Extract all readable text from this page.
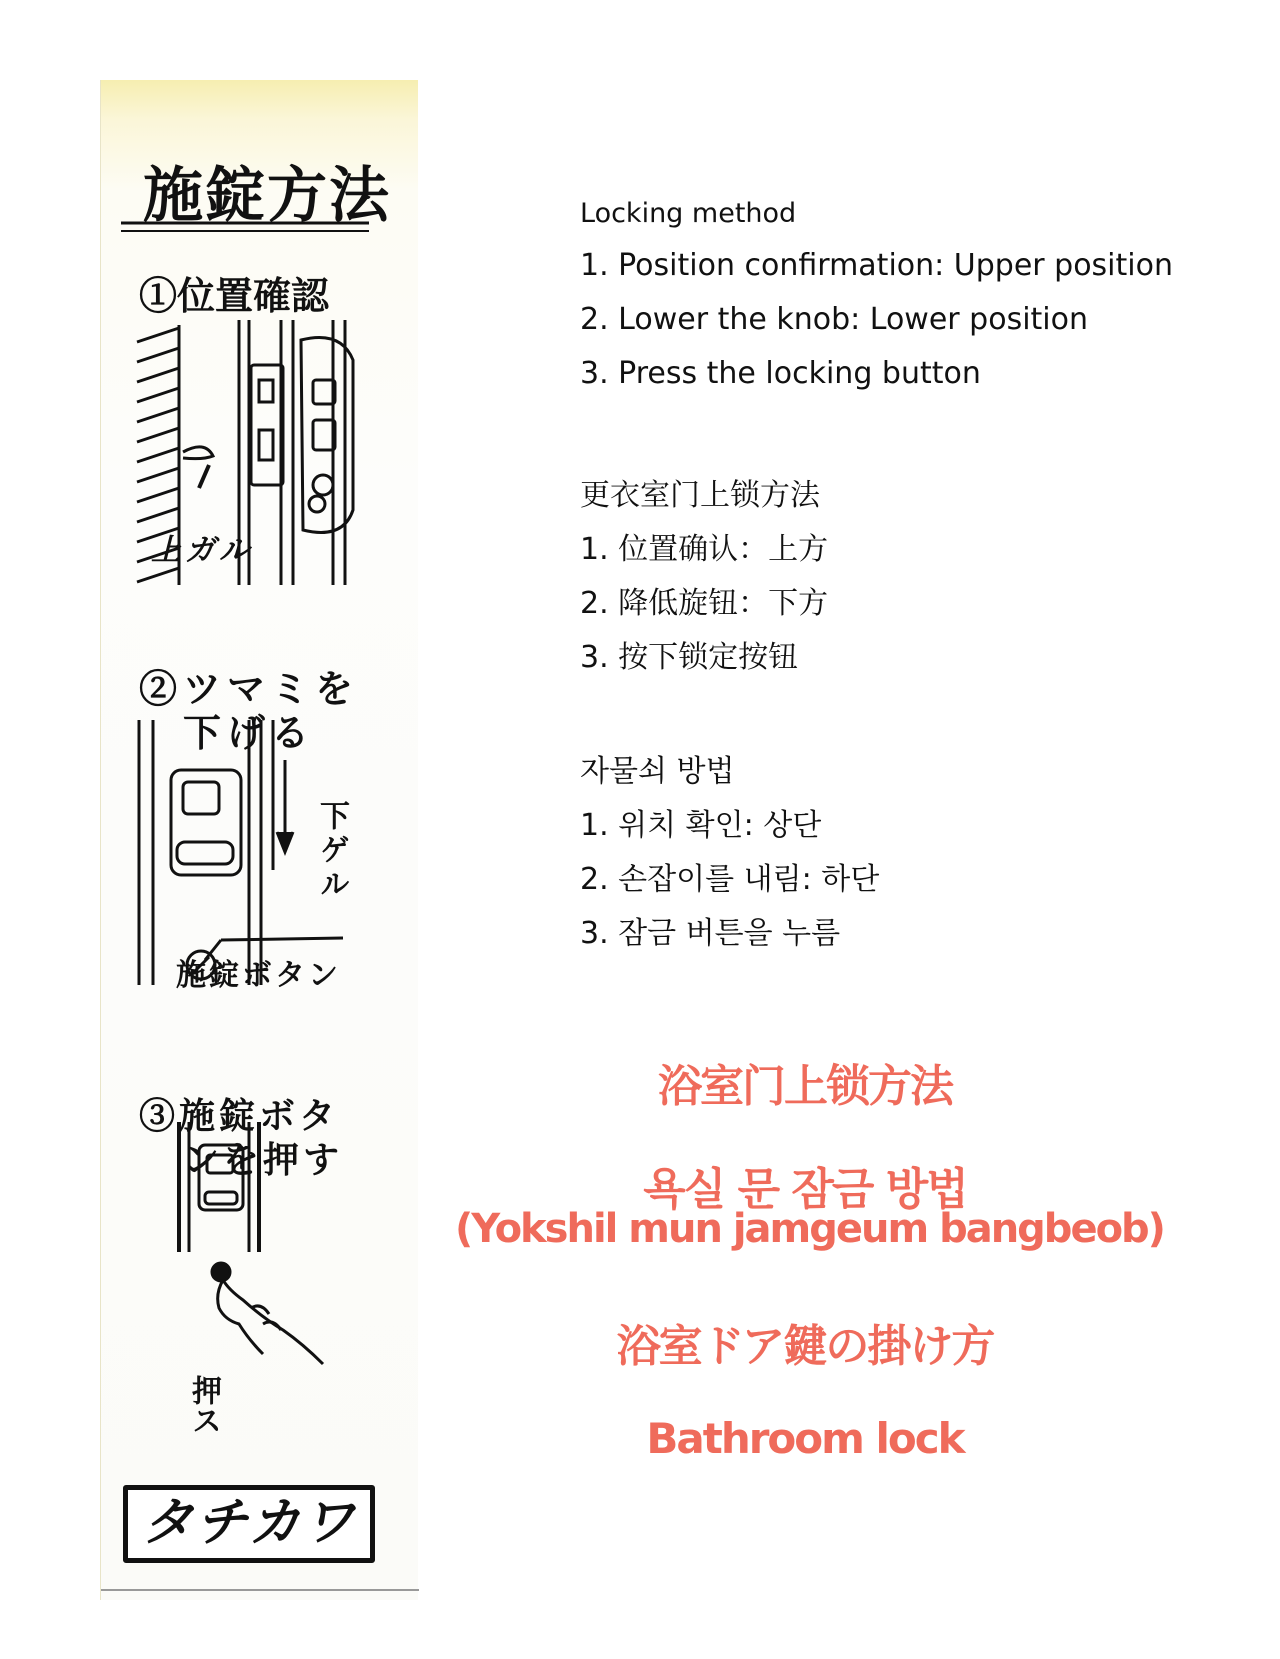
施錠方法
①位置確認
上ガル
②ツマミを
下げる
下ゲル
施錠ボタン
③施錠ボタ
ンを押す
押ス
タチカワ
Locking method
1. Position confirmation: Upper position
2. Lower the knob: Lower position
3. Press the locking button
更衣室门上锁方法
1. 位置确认：上方
2. 降低旋钮：下方
3. 按下锁定按钮
자물쇠 방법
1. 위치 확인: 상단
2. 손잡이를 내림: 하단
3. 잠금 버튼을 누름
浴室门上锁方法
욕실 문 잠금 방법
(Yokshil mun jamgeum bangbeob)
浴室ドア鍵の掛け方
Bathroom lock
